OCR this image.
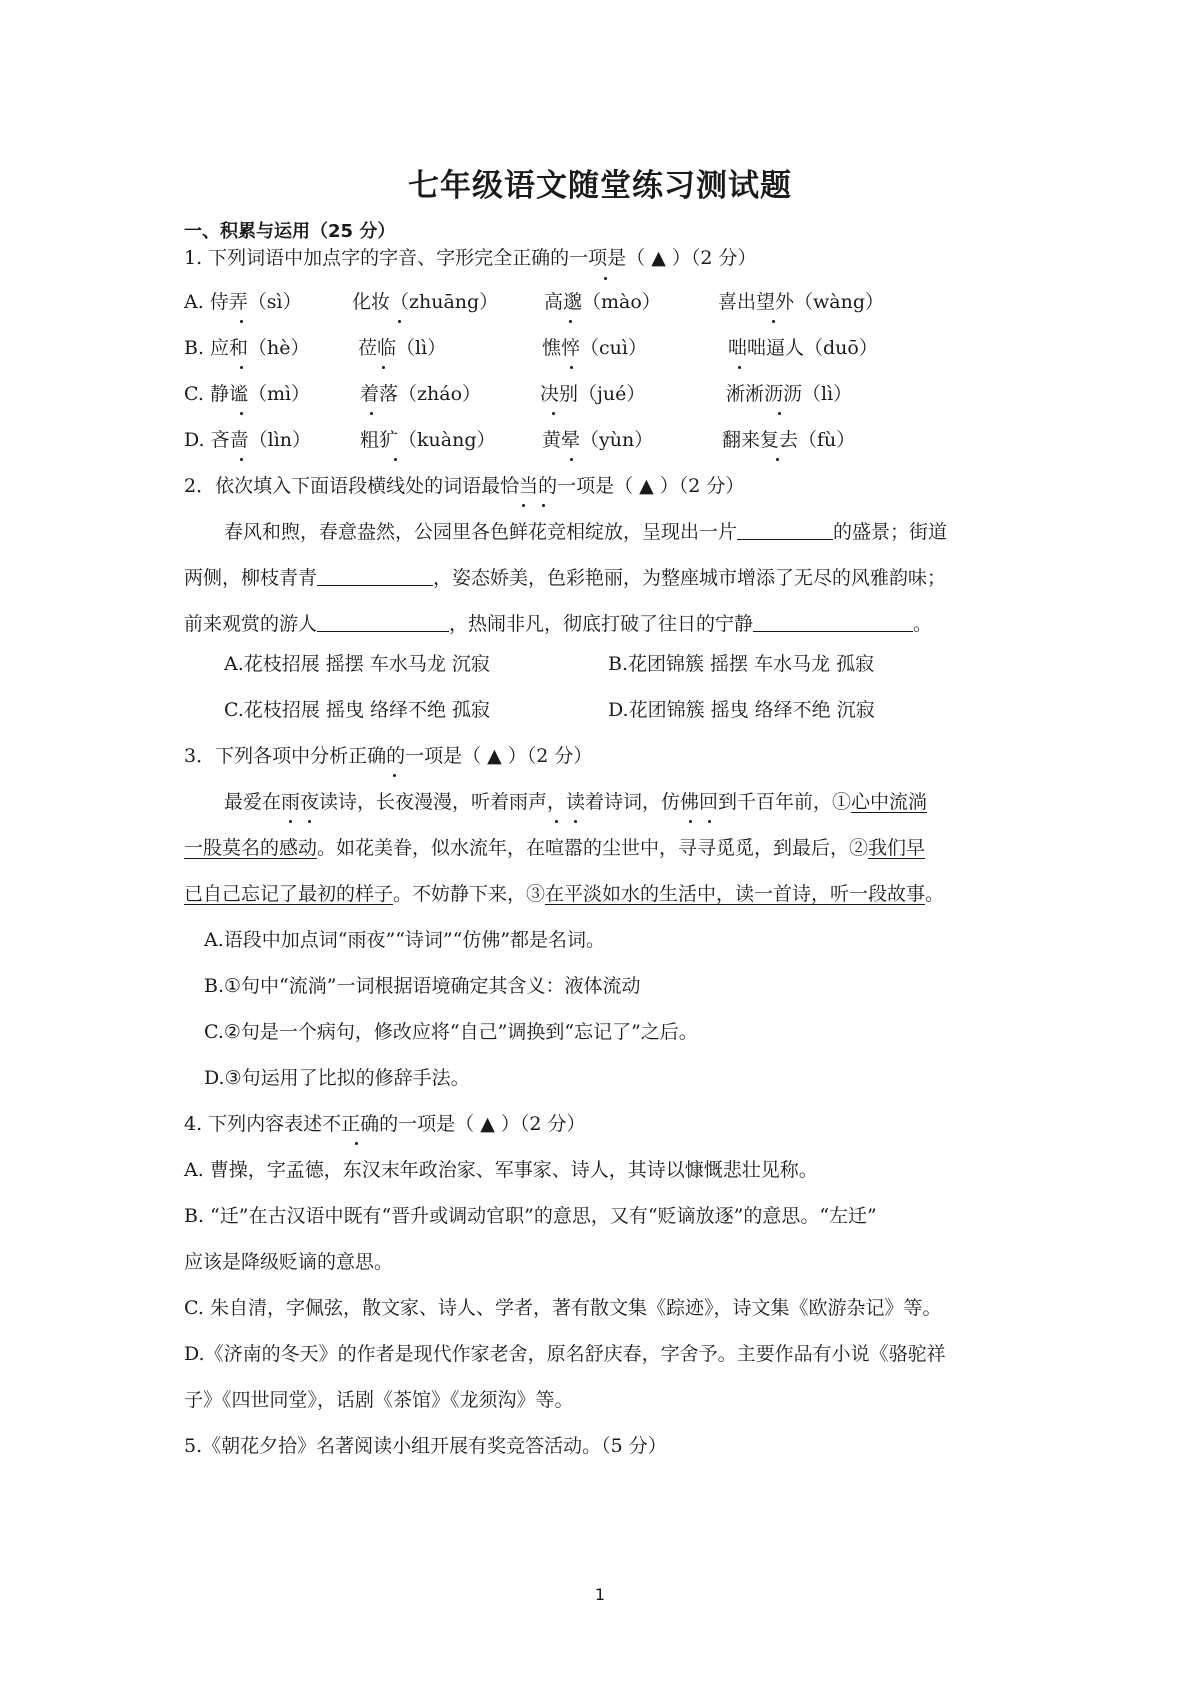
七年级语文随堂练习测试题
一、积累与运用（25 分）
1. 下列词语中加点字的字音、字形完全正确的一项是（ ▲ ）（2 分）
A. 侍弄（sì）	化妆（zhuāng） 高邈（mào）	喜出望外（wàng）
B. 应和（hè）	莅临（lì）	憔悴（cuì）	咄咄逼人（duō）
C. 静谧（mì）	着落（zháo）	决别（jué）	淅淅沥沥（lì）
D. 吝啬（lìn）	粗犷（kuàng） 黄晕（yùn）	翻来复去（fù）
2．依次填入下面语段横线处的词语最恰当的一项是（ ▲ ）（2 分）
春风和煦，春意盎然，公园里各色鲜花竞相绽放，呈现出一片	的盛景；街道
两侧，柳枝青青	，姿态娇美，色彩艳丽，为整座城市增添了无尽的风雅韵味；
前来观赏的游人	，热闹非凡，彻底打破了往日的宁静	。
A.花枝招展 摇摆 车水马龙 沉寂	B.花团锦簇 摇摆 车水马龙 孤寂
C.花枝招展 摇曳 络绎不绝 孤寂	D.花团锦簇 摇曳 络绎不绝 沉寂
3．下列各项中分析正确的一项是（ ▲ ）（2 分）
最爱在雨夜读诗，长夜漫漫，听着雨声，读着诗词，仿佛回到千百年前，①心中流淌
一股莫名的感动。如花美眷，似水流年，在喧嚣的尘世中，寻寻觅觅，到最后，②我们早
已自己忘记了最初的样子。不妨静下来，③在平淡如水的生活中，读一首诗，听一段故事。
A.语段中加点词“雨夜”“诗词”“仿佛”都是名词。
B.①句中“流淌”一词根据语境确定其含义：液体流动
C.②句是一个病句，修改应将“自己”调换到“忘记了”之后。
D.③句运用了比拟的修辞手法。
4. 下列内容表述不正确的一项是（ ▲ ）（2 分）
A. 曹操，字孟德，东汉末年政治家、军事家、诗人，其诗以慷慨悲壮见称。
B. “迁”在古汉语中既有“晋升或调动官职”的意思，又有“贬谪放逐”的意思。“左迁”
应该是降级贬谪的意思。
C. 朱自清，字佩弦，散文家、诗人、学者，著有散文集《踪迹》，诗文集《欧游杂记》等。
D.《济南的冬天》的作者是现代作家老舍，原名舒庆春，字舍予。主要作品有小说《骆驼祥
子》《四世同堂》，话剧《茶馆》《龙须沟》等。
5.《朝花夕拾》名著阅读小组开展有奖竞答活动。（5 分）
1
